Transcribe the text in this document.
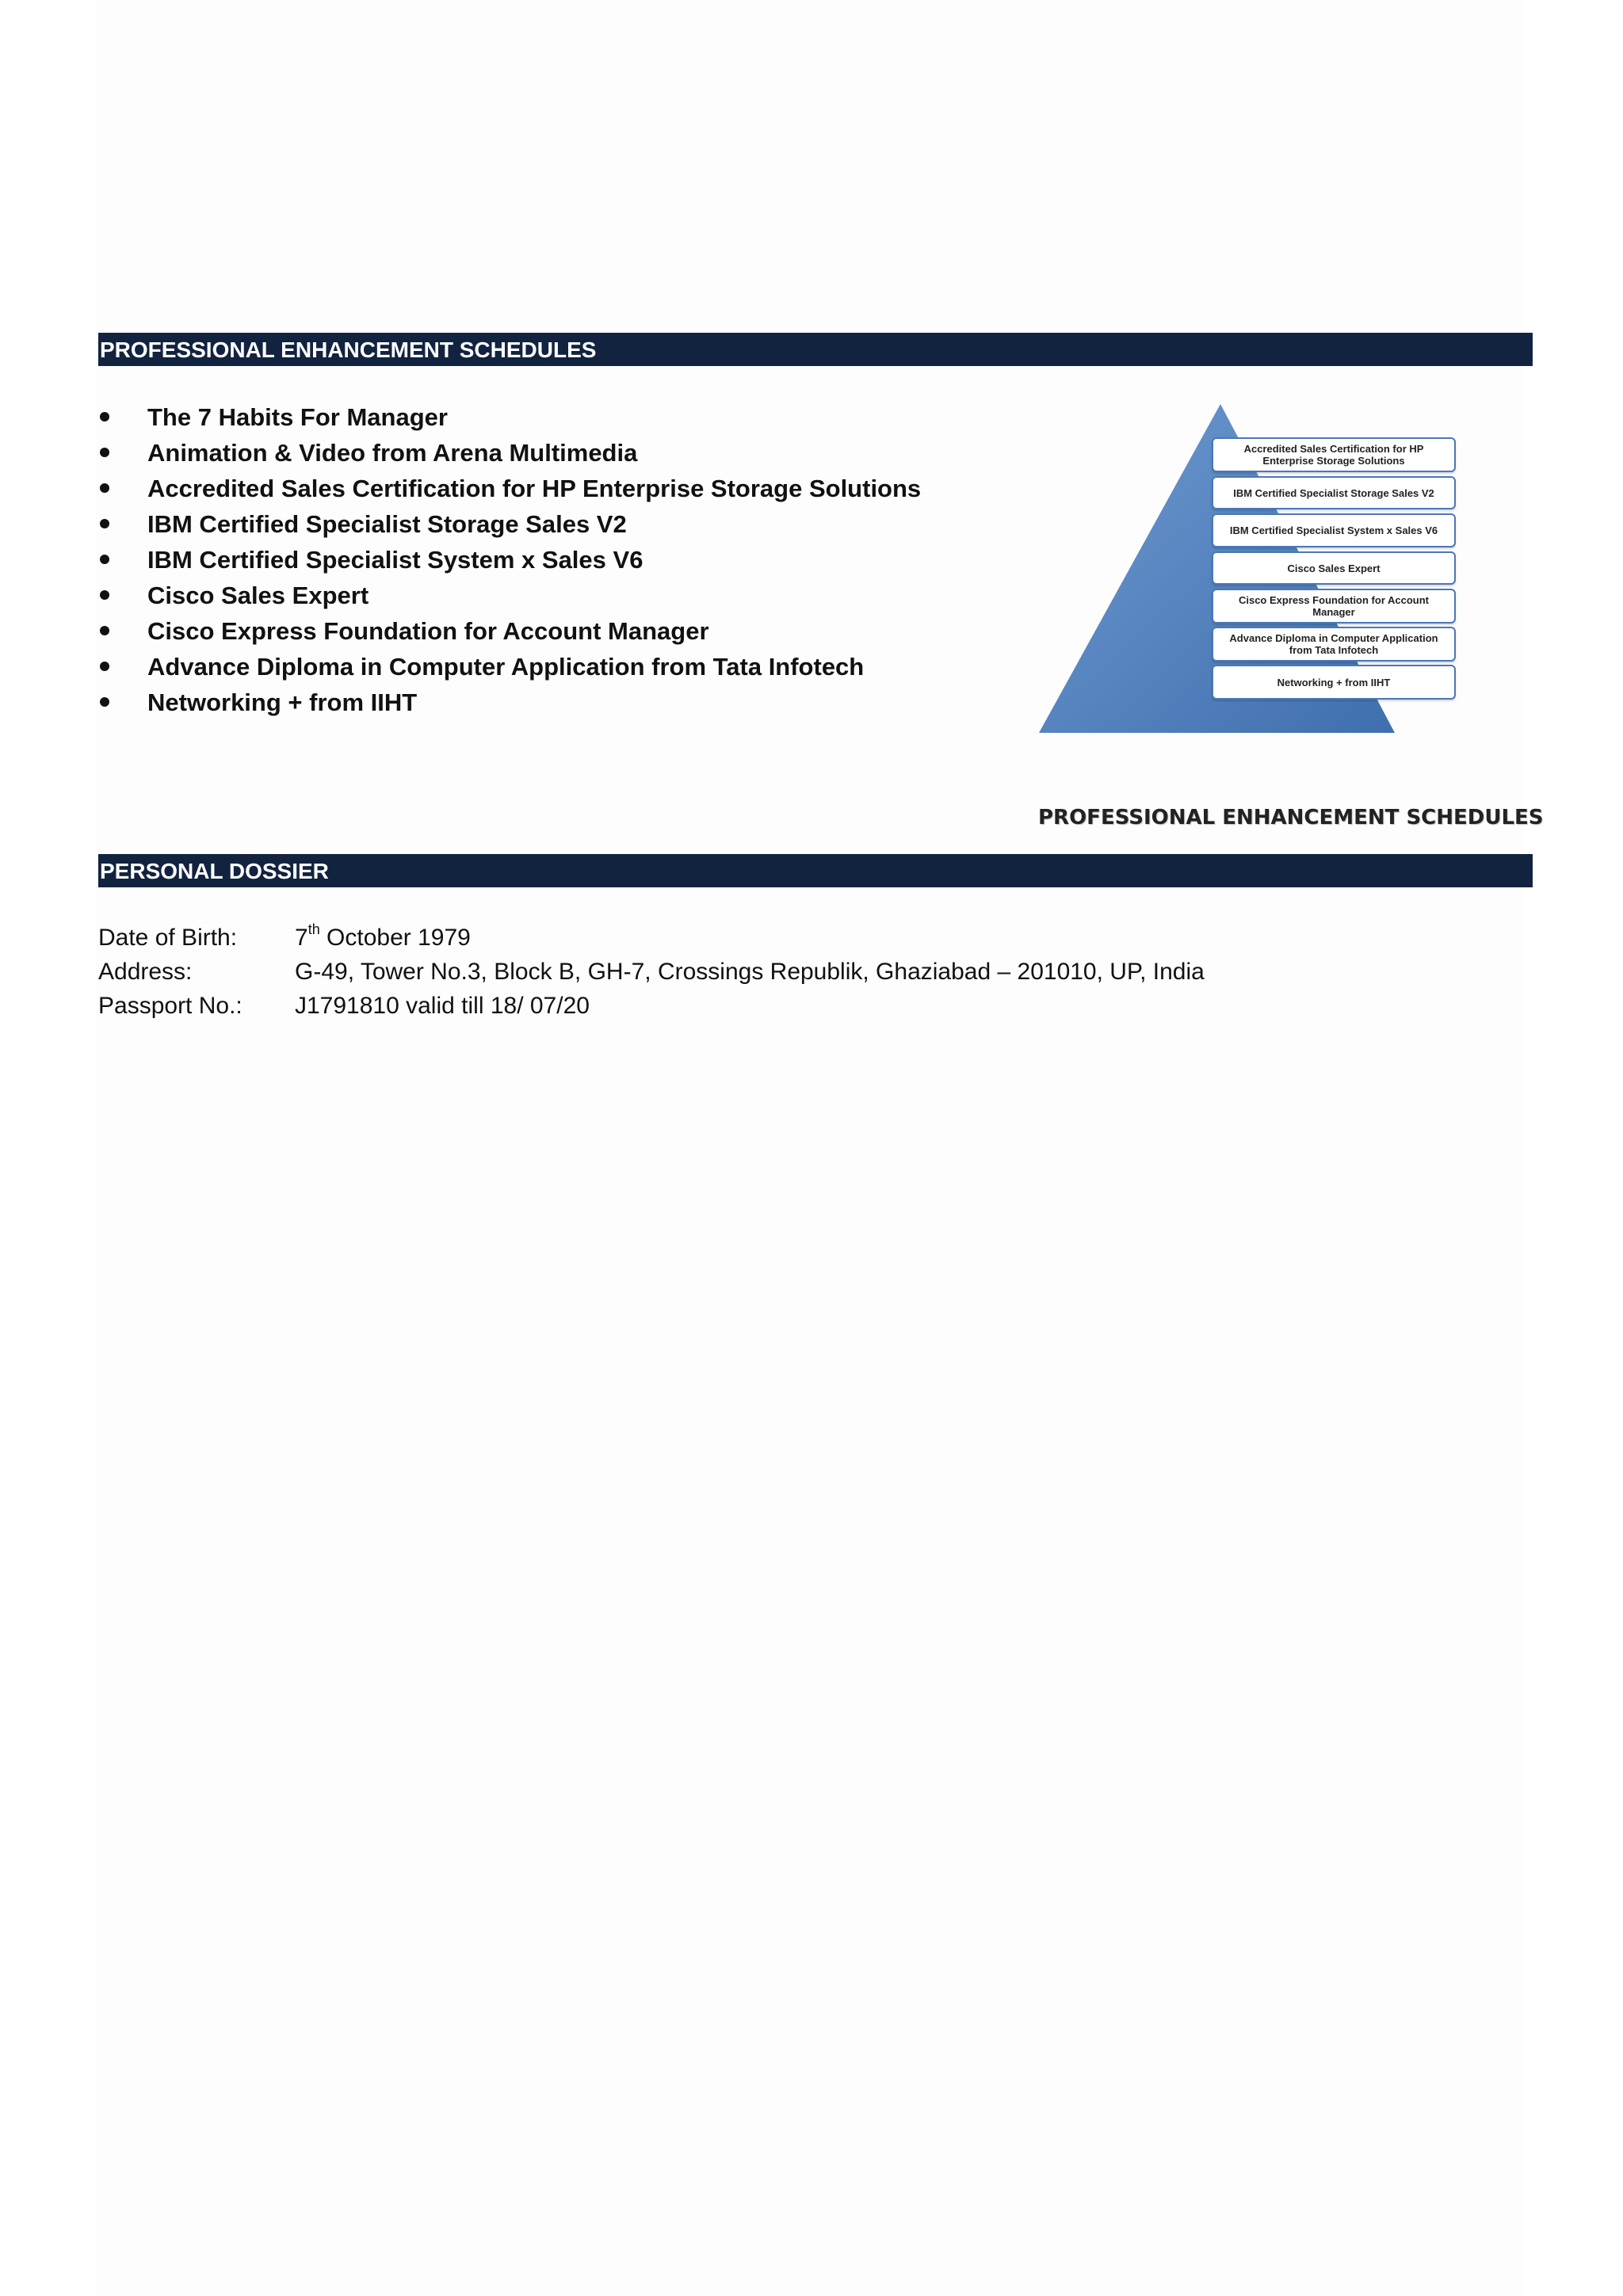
PROFESSIONAL ENHANCEMENT SCHEDULES
The 7 Habits For Manager
Animation & Video from Arena Multimedia
Accredited Sales Certification for HP Enterprise Storage Solutions
IBM Certified Specialist Storage Sales V2
IBM Certified Specialist System x Sales V6
Cisco Sales Expert
Cisco Express Foundation for Account Manager
Advance Diploma in Computer Application from Tata Infotech
Networking + from IIHT
Accredited Sales Certification for HP Enterprise Storage Solutions
IBM Certified Specialist Storage Sales V2
IBM Certified Specialist System x Sales V6
Cisco Sales Expert
Cisco Express Foundation for Account Manager
Advance Diploma in Computer Application from Tata Infotech
Networking + from IIHT
PROFESSIONAL ENHANCEMENT SCHEDULES
PERSONAL DOSSIER
Date of Birth: 7th October 1979
Address:	G-49, Tower No.3, Block B, GH-7, Crossings Republik, Ghaziabad – 201010, UP, India
Passport No.: J1791810 valid till 18/ 07/20
